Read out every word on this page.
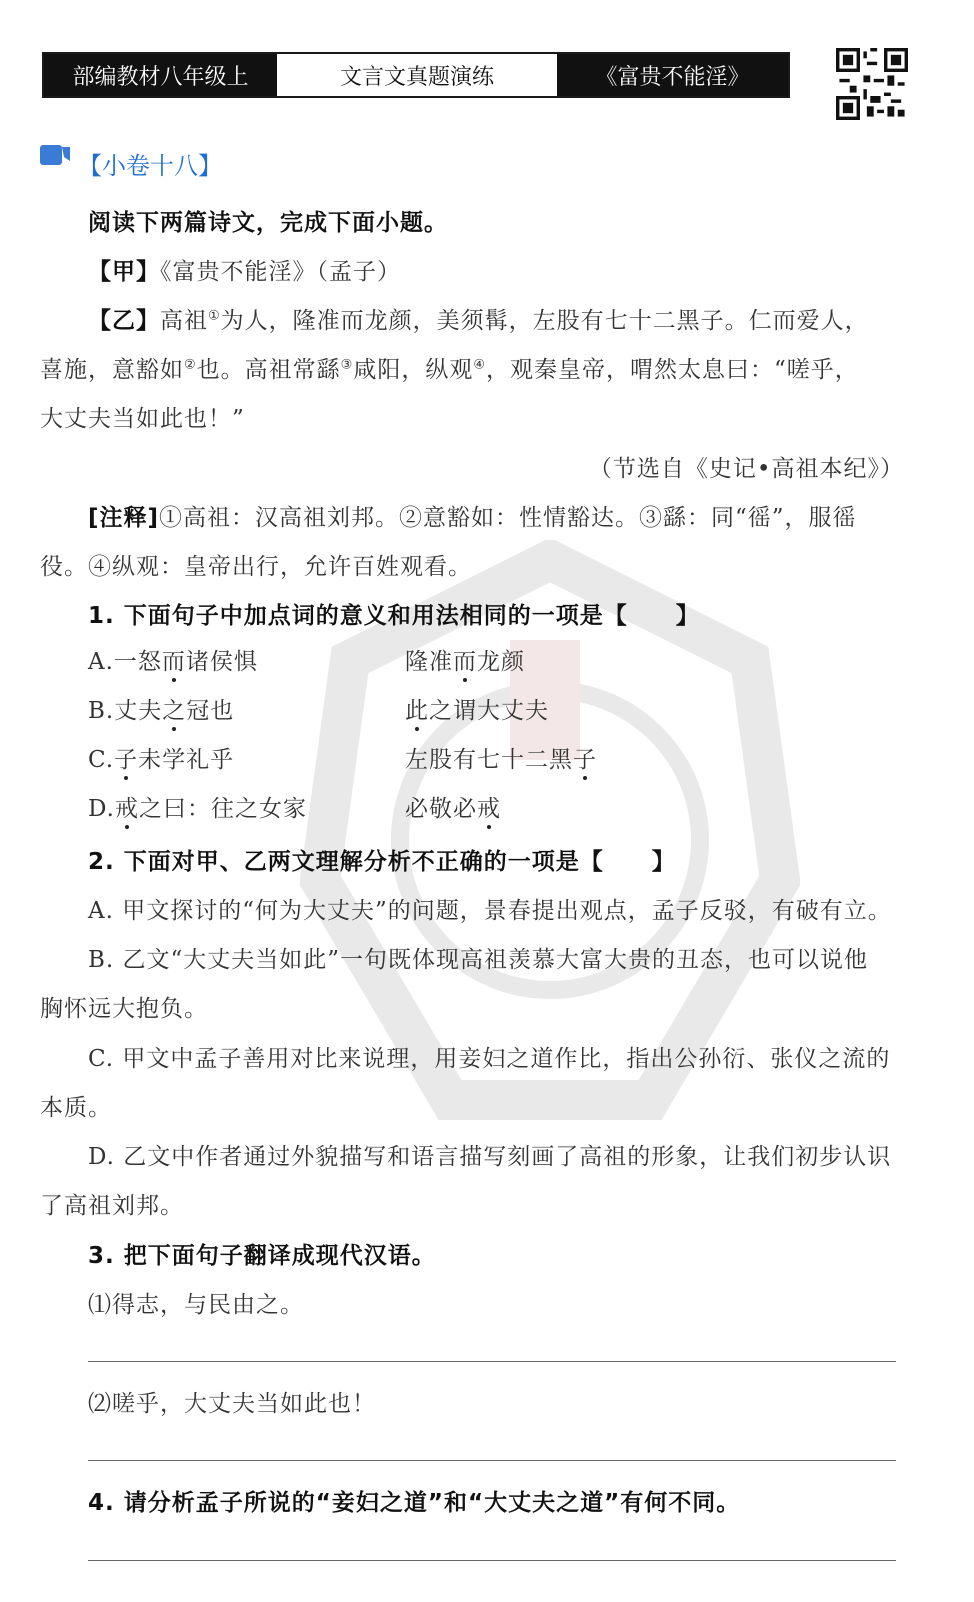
部编教材八年级上	文言文真题演练	《富贵不能淫》
【小卷十八】
阅读下两篇诗文，完成下面小题。
【甲】《富贵不能淫》（孟子）
【乙】高祖①为人，隆准而龙颜，美须髯，左股有七十二黑子。仁而爱人，
喜施，意豁如②也。高祖常繇③咸阳，纵观④，观秦皇帝，喟然太息曰：“嗟乎，
大丈夫当如此也！”
（节选自《史记•高祖本纪》）
[注释]①高祖：汉高祖刘邦。②意豁如：性情豁达。③繇：同“徭”，服徭
役。④纵观：皇帝出行，允许百姓观看。
1. 下面句子中加点词的意义和用法相同的一项是【　　】
A.一怒而诸侯惧	隆准而龙颜
B.丈夫之冠也	此之谓大丈夫
C.子未学礼乎	左股有七十二黑子
D.戒之曰：往之女家	必敬必戒
2. 下面对甲、乙两文理解分析不正确的一项是【　　】
A. 甲文探讨的“何为大丈夫”的问题，景春提出观点，孟子反驳，有破有立。
B. 乙文“大丈夫当如此”一句既体现高祖羡慕大富大贵的丑态，也可以说他
胸怀远大抱负。
C. 甲文中孟子善用对比来说理，用妾妇之道作比，指出公孙衍、张仪之流的
本质。
D. 乙文中作者通过外貌描写和语言描写刻画了高祖的形象，让我们初步认识
了高祖刘邦。
3. 把下面句子翻译成现代汉语。
⑴得志，与民由之。
⑵嗟乎，大丈夫当如此也！
4. 请分析孟子所说的“妾妇之道”和“大丈夫之道”有何不同。
